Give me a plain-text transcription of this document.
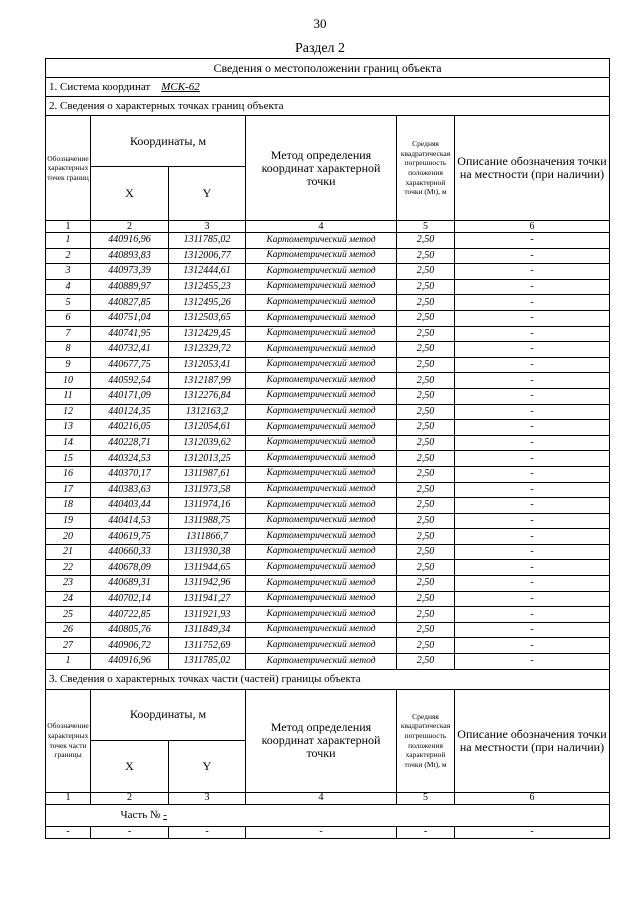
30
Раздел 2
Сведения о местоположении границ объекта					
1. Система координат МСК-62					
2. Сведения о характерных точках границ объекта					
Обозначение характерных точек границ	Координаты, м		Метод определения координат характерной точки	Средняя квадратическая погрешность положения характерной точки (Мt), м	Описание обозначения точки на местности (при наличии)
	X	Y			
1	2	3	4	5	6
1	440916,96	1311785,02	Картометрический метод	2,50	-
2	440893,83	1312006,77	Картометрический метод	2,50	-
3	440973,39	1312444,61	Картометрический метод	2,50	-
4	440889,97	1312455,23	Картометрический метод	2,50	-
5	440827,85	1312495,26	Картометрический метод	2,50	-
6	440751,04	1312503,65	Картометрический метод	2,50	-
7	440741,95	1312429,45	Картометрический метод	2,50	-
8	440732,41	1312329,72	Картометрический метод	2,50	-
9	440677,75	1312053,41	Картометрический метод	2,50	-
10	440592,54	1312187,99	Картометрический метод	2,50	-
11	440171,09	1312276,84	Картометрический метод	2,50	-
12	440124,35	1312163,2	Картометрический метод	2,50	-
13	440216,05	1312054,61	Картометрический метод	2,50	-
14	440228,71	1312039,62	Картометрический метод	2,50	-
15	440324,53	1312013,25	Картометрический метод	2,50	-
16	440370,17	1311987,61	Картометрический метод	2,50	-
17	440383,63	1311973,58	Картометрический метод	2,50	-
18	440403,44	1311974,16	Картометрический метод	2,50	-
19	440414,53	1311988,75	Картометрический метод	2,50	-
20	440619,75	1311866,7	Картометрический метод	2,50	-
21	440660,33	1311930,38	Картометрический метод	2,50	-
22	440678,09	1311944,65	Картометрический метод	2,50	-
23	440689,31	1311942,96	Картометрический метод	2,50	-
24	440702,14	1311941,27	Картометрический метод	2,50	-
25	440722,85	1311921,93	Картометрический метод	2,50	-
26	440805,76	1311849,34	Картометрический метод	2,50	-
27	440906,72	1311752,69	Картометрический метод	2,50	-
1	440916,96	1311785,02	Картометрический метод	2,50	-
3. Сведения о характерных точках части (частей) границы объекта					
Обозначение характерных точек части границы	Координаты, м		Метод определения координат характерной точки	Средняя квадратическая погрешность положения характерной точки (Мt), м	Описание обозначения точки на местности (при наличии)
	X	Y			
1	2	3	4	5	6
	Часть № -				
-	-	-	-	-	-
